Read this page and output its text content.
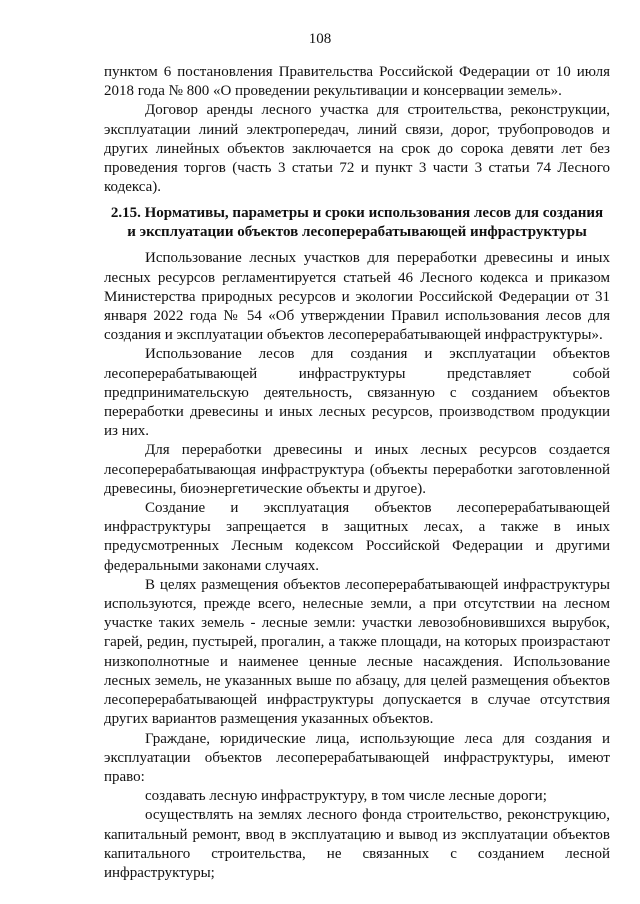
108

пунктом 6 постановления Правительства Российской Федерации от 10 июля 2018 года № 800 «О проведении рекультивации и консервации земель».

Договор аренды лесного участка для строительства, реконструкции, эксплуатации линий электропередач, линий связи, дорог, трубопроводов и других линейных объектов заключается на срок до сорока девяти лет без проведения торгов (часть 3 статьи 72 и пункт 3 части 3 статьи 74 Лесного кодекса).

2.15. Нормативы, параметры и сроки использования лесов для создания
и эксплуатации объектов лесоперерабатывающей инфраструктуры

Использование лесных участков для переработки древесины и иных лесных ресурсов регламентируется статьей 46 Лесного кодекса и приказом Министерства природных ресурсов и экологии Российской Федерации от 31 января 2022 года № 54 «Об утверждении Правил использования лесов для создания и эксплуатации объектов лесоперерабатывающей инфраструктуры».

Использование лесов для создания и эксплуатации объектов лесоперерабатывающей инфраструктуры представляет собой предпринимательскую деятельность, связанную с созданием объектов переработки древесины и иных лесных ресурсов, производством продукции из них.

Для переработки древесины и иных лесных ресурсов создается лесоперерабатывающая инфраструктура (объекты переработки заготовленной древесины, биоэнергетические объекты и другое).

Создание и эксплуатация объектов лесоперерабатывающей инфраструктуры запрещается в защитных лесах, а также в иных предусмотренных Лесным кодексом Российской Федерации и другими федеральными законами случаях.

В целях размещения объектов лесоперерабатывающей инфраструктуры используются, прежде всего, нелесные земли, а при отсутствии на лесном участке таких земель - лесные земли: участки левозобновившихся вырубок, гарей, редин, пустырей, прогалин, а также площади, на которых произрастают низкополнотные и наименее ценные лесные насаждения. Использование лесных земель, не указанных выше по абзацу, для целей размещения объектов лесоперерабатывающей инфраструктуры допускается в случае отсутствия других вариантов размещения указанных объектов.

Граждане, юридические лица, использующие леса для создания и эксплуатации объектов лесоперерабатывающей инфраструктуры, имеют право:

создавать лесную инфраструктуру, в том числе лесные дороги;

осуществлять на землях лесного фонда строительство, реконструкцию, капитальный ремонт, ввод в эксплуатацию и вывод из эксплуатации объектов капитального строительства, не связанных с созданием лесной инфраструктуры;
